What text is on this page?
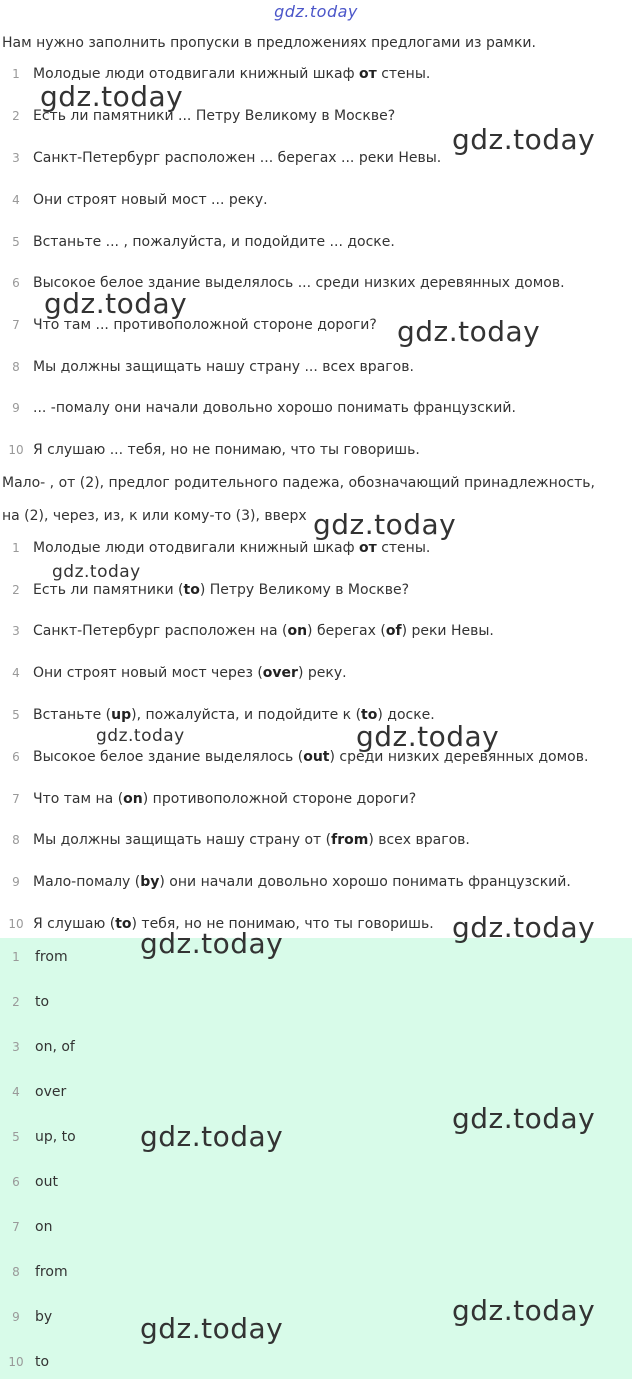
gdz.today
Нам нужно заполнить пропуски в предложениях предлогами из рамки.
1 Молодые люди отодвигали книжный шкаф от стены.
2 Есть ли памятники ... Петру Великому в Москве?
3 Санкт-Петербург расположен ... берегах ... реки Невы.
4 Они строят новый мост ... реку.
5 Встаньте ... , пожалуйста, и подойдите ... доске.
6 Высокое белое здание выделялось ... среди низких деревянных домов.
7 Что там ... противоположной стороне дороги?
8 Мы должны защищать нашу страну ... всех врагов.
9 ... -помалу они начали довольно хорошо понимать французский.
10 Я слушаю ... тебя, но не понимаю, что ты говоришь.
Мало- , от (2), предлог родительного падежа, обозначающий принадлежность,
на (2), через, из, к или кому-то (3), вверх
1 Молодые люди отодвигали книжный шкаф от стены.
2 Есть ли памятники (to) Петру Великому в Москве?
3 Санкт-Петербург расположен на (on) берегах (of) реки Невы.
4 Они строят новый мост через (over) реку.
5 Встаньте (up), пожалуйста, и подойдите к (to) доске.
6 Высокое белое здание выделялось (out) среди низких деревянных домов.
7 Что там на (on) противоположной стороне дороги?
8 Мы должны защищать нашу страну от (from) всех врагов.
9 Мало-помалу (by) они начали довольно хорошо понимать французский.
10 Я слушаю (to) тебя, но не понимаю, что ты говоришь.
1 from
2 to
3 on, of
4 over
5 up, to
6 out
7 on
8 from
9 by
10 to
gdz.today
gdz.today
gdz.today
gdz.today
gdz.today
gdz.today
gdz.today	gdz.today
gdz.today
gdz.today
gdz.today
gdz.today
gdz.today
gdz.today
